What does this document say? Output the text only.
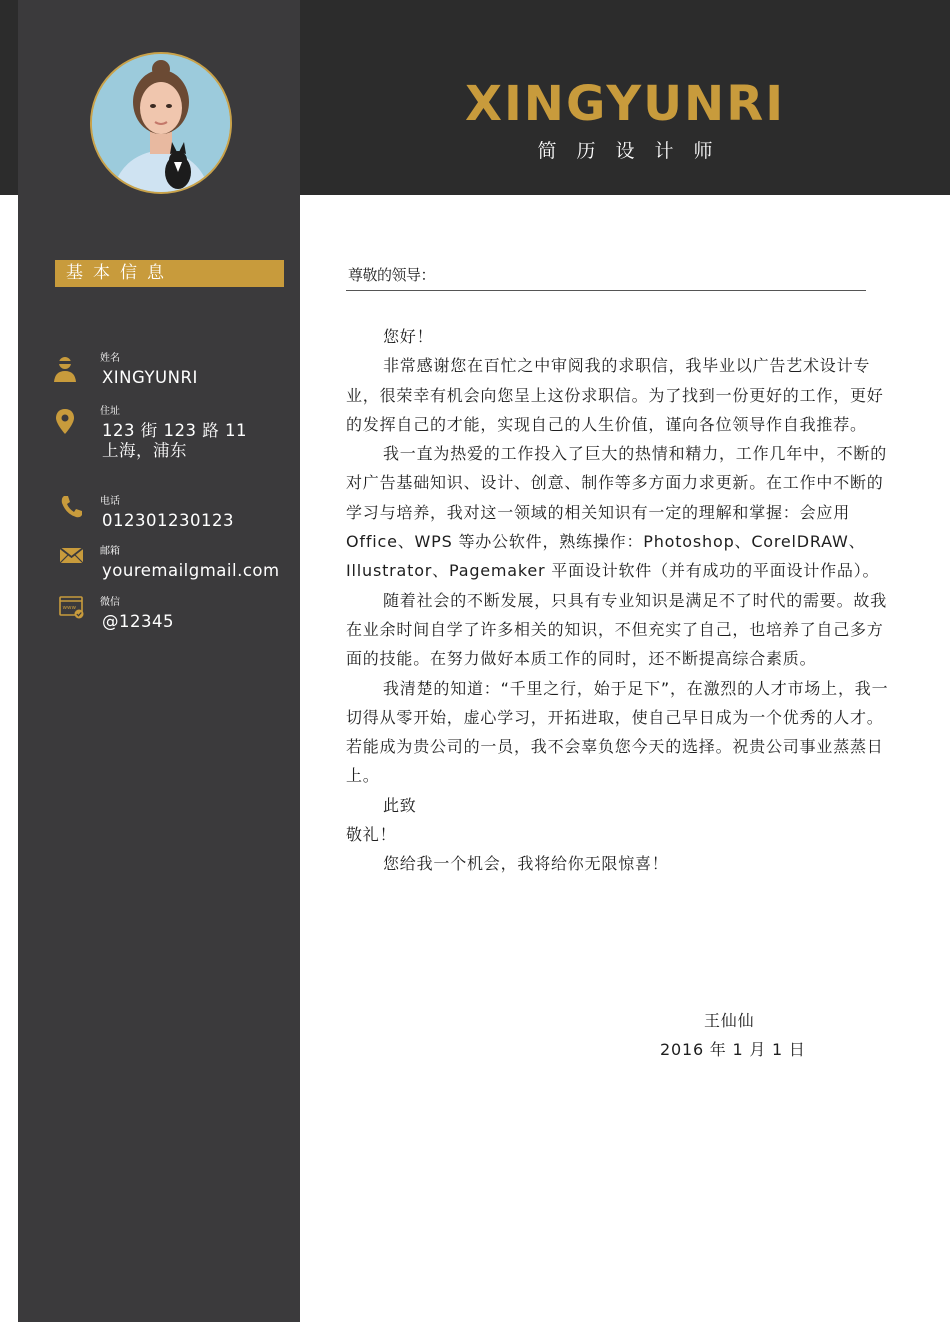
XINGYUNRI
简历设计师
基本信息
姓名
XINGYUNRI
住址
123 街 123 路 11
上海，浦东
电话
012301230123
邮箱
youremailgmail.com
www 微信
@12345
尊敬的领导：

您好！

非常感谢您在百忙之中审阅我的求职信，我毕业以广告艺术设计专业，很荣幸有机会向您呈上这份求职信。为了找到一份更好的工作，更好的发挥自己的才能，实现自己的人生价值，谨向各位领导作自我推荐。

我一直为热爱的工作投入了巨大的热情和精力，工作几年中，不断的对广告基础知识、设计、创意、制作等多方面力求更新。在工作中不断的学习与培养，我对这一领域的相关知识有一定的理解和掌握：会应用 Office、WPS 等办公软件，熟练操作：Photoshop、CorelDRAW、Illustrator、Pagemaker 平面设计软件（并有成功的平面设计作品）。

随着社会的不断发展，只具有专业知识是满足不了时代的需要。故我在业余时间自学了许多相关的知识，不但充实了自己，也培养了自己多方面的技能。在努力做好本质工作的同时，还不断提高综合素质。

我清楚的知道：“千里之行，始于足下”，在激烈的人才市场上，我一切得从零开始，虚心学习，开拓进取，使自己早日成为一个优秀的人才。若能成为贵公司的一员，我不会辜负您今天的选择。祝贵公司事业蒸蒸日上。

此致

敬礼！

您给我一个机会，我将给你无限惊喜！

王仙仙
2016 年 1 月 1 日
